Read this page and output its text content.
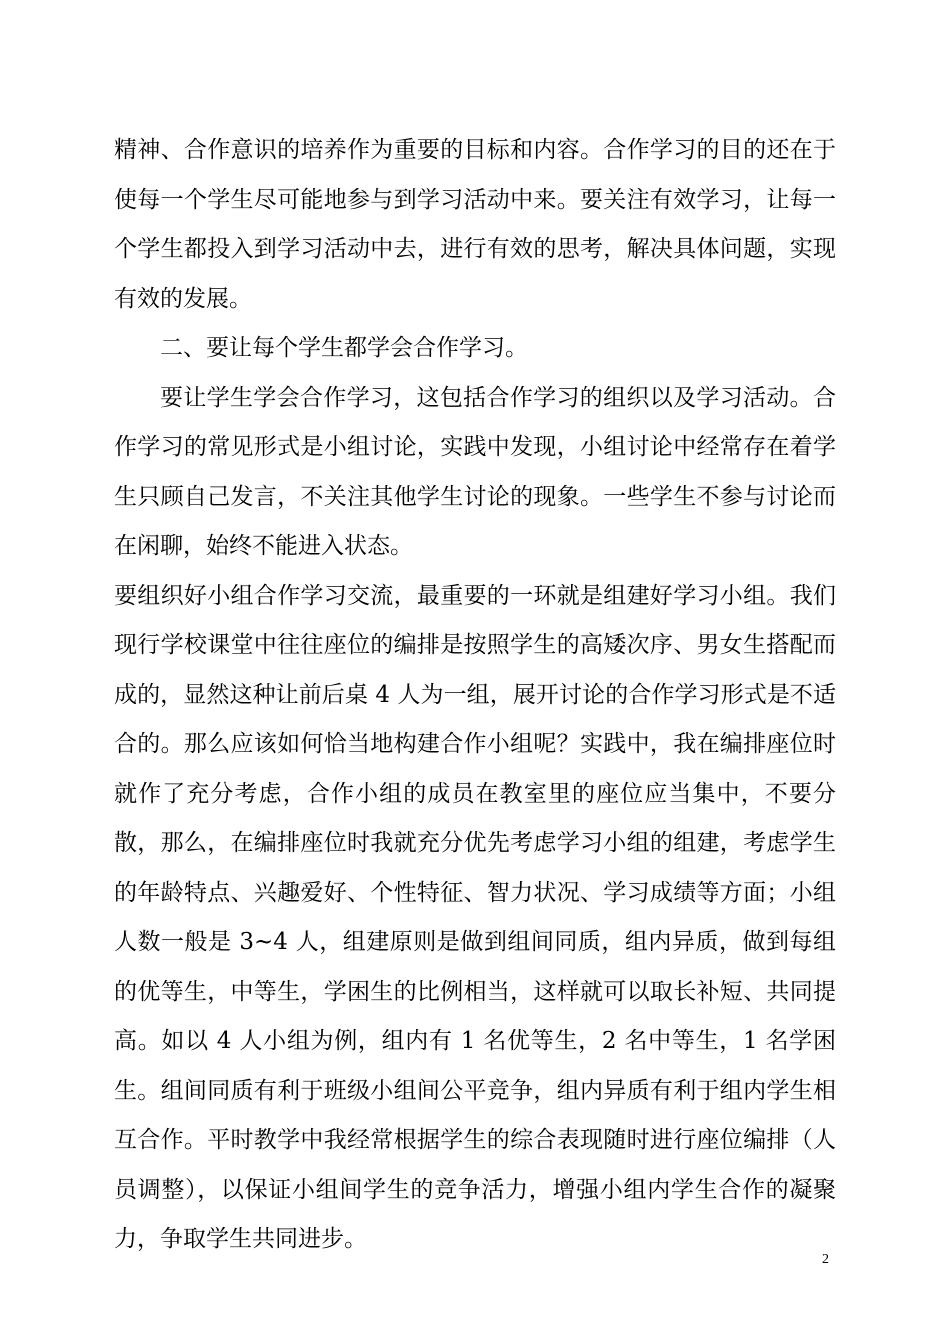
精神、合作意识的培养作为重要的目标和内容。合作学习的目的还在于使每一个学生尽可能地参与到学习活动中来。要关注有效学习，让每一个学生都投入到学习活动中去，进行有效的思考，解决具体问题，实现有效的发展。

二、要让每个学生都学会合作学习。

要让学生学会合作学习，这包括合作学习的组织以及学习活动。合作学习的常见形式是小组讨论，实践中发现，小组讨论中经常存在着学生只顾自己发言，不关注其他学生讨论的现象。一些学生不参与讨论而在闲聊，始终不能进入状态。

要组织好小组合作学习交流，最重要的一环就是组建好学习小组。我们现行学校课堂中往往座位的编排是按照学生的高矮次序、男女生搭配而成的，显然这种让前后桌 4 人为一组，展开讨论的合作学习形式是不适合的。那么应该如何恰当地构建合作小组呢？实践中，我在编排座位时就作了充分考虑，合作小组的成员在教室里的座位应当集中，不要分散，那么，在编排座位时我就充分优先考虑学习小组的组建，考虑学生的年龄特点、兴趣爱好、个性特征、智力状况、学习成绩等方面；小组人数一般是 3~4 人，组建原则是做到组间同质，组内异质，做到每组的优等生，中等生，学困生的比例相当，这样就可以取长补短、共同提高。如以 4 人小组为例，组内有 1 名优等生，2 名中等生，1 名学困生。组间同质有利于班级小组间公平竞争，组内异质有利于组内学生相互合作。平时教学中我经常根据学生的综合表现随时进行座位编排（人员调整），以保证小组间学生的竞争活力，增强小组内学生合作的凝聚力，争取学生共同进步。

2
